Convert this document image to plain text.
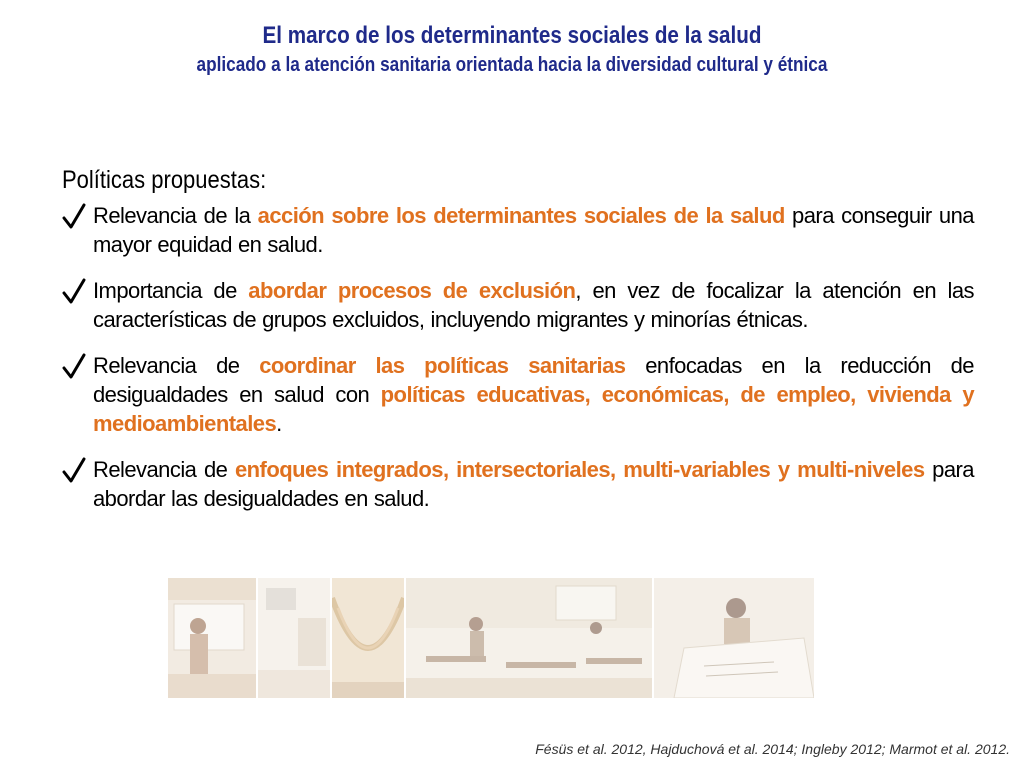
El marco de los determinantes sociales de la salud
aplicado a la atención sanitaria orientada hacia la diversidad cultural y étnica

Políticas propuestas:

Relevancia de la acción sobre los determinantes sociales de la salud para conseguir una mayor equidad en salud.
Importancia de abordar procesos de exclusión, en vez de focalizar la atención en las características de grupos excluidos, incluyendo migrantes y minorías étnicas.
Relevancia de coordinar las políticas sanitarias enfocadas en la reducción de desigualdades en salud con políticas educativas, económicas, de empleo, vivienda y medioambientales.
Relevancia de enfoques integrados, intersectoriales, multi-variables y multi-niveles para abordar las desigualdades en salud.
Fésüs et al. 2012, Hajduchová et al. 2014; Ingleby 2012; Marmot et al. 2012.
